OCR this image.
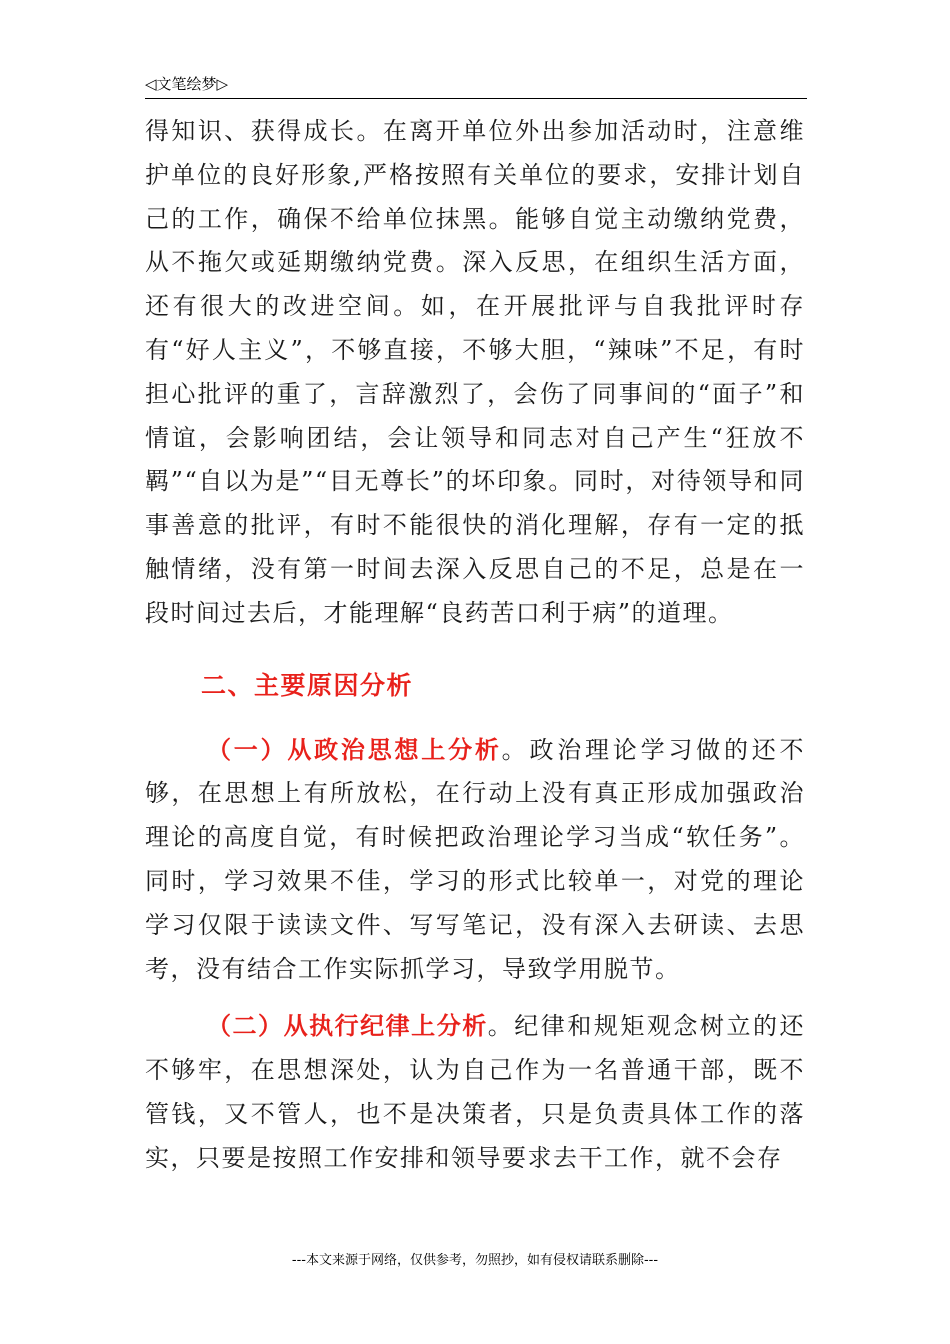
◁文笔绘梦▷

得知识、获得成长。在离开单位外出参加活动时，注意维护单位的良好形象,严格按照有关单位的要求，安排计划自己的工作，确保不给单位抹黑。能够自觉主动缴纳党费，从不拖欠或延期缴纳党费。深入反思，在组织生活方面，还有很大的改进空间。如，在开展批评与自我批评时存有“好人主义”，不够直接，不够大胆，“辣味”不足，有时担心批评的重了，言辞激烈了，会伤了同事间的“面子”和情谊，会影响团结，会让领导和同志对自己产生“狂放不羁”“自以为是”“目无尊长”的坏印象。同时，对待领导和同事善意的批评，有时不能很快的消化理解，存有一定的抵触情绪，没有第一时间去深入反思自己的不足，总是在一段时间过去后，才能理解“良药苦口利于病”的道理。

二、主要原因分析

（一）从政治思想上分析。政治理论学习做的还不够，在思想上有所放松，在行动上没有真正形成加强政治理论的高度自觉，有时候把政治理论学习当成“软任务”。同时，学习效果不佳，学习的形式比较单一，对党的理论学习仅限于读读文件、写写笔记，没有深入去研读、去思考，没有结合工作实际抓学习，导致学用脱节。

（二）从执行纪律上分析。纪律和规矩观念树立的还不够牢，在思想深处，认为自己作为一名普通干部，既不管钱，又不管人，也不是决策者，只是负责具体工作的落实，只要是按照工作安排和领导要求去干工作，就不会存

---本文来源于网络，仅供参考，勿照抄，如有侵权请联系删除---
